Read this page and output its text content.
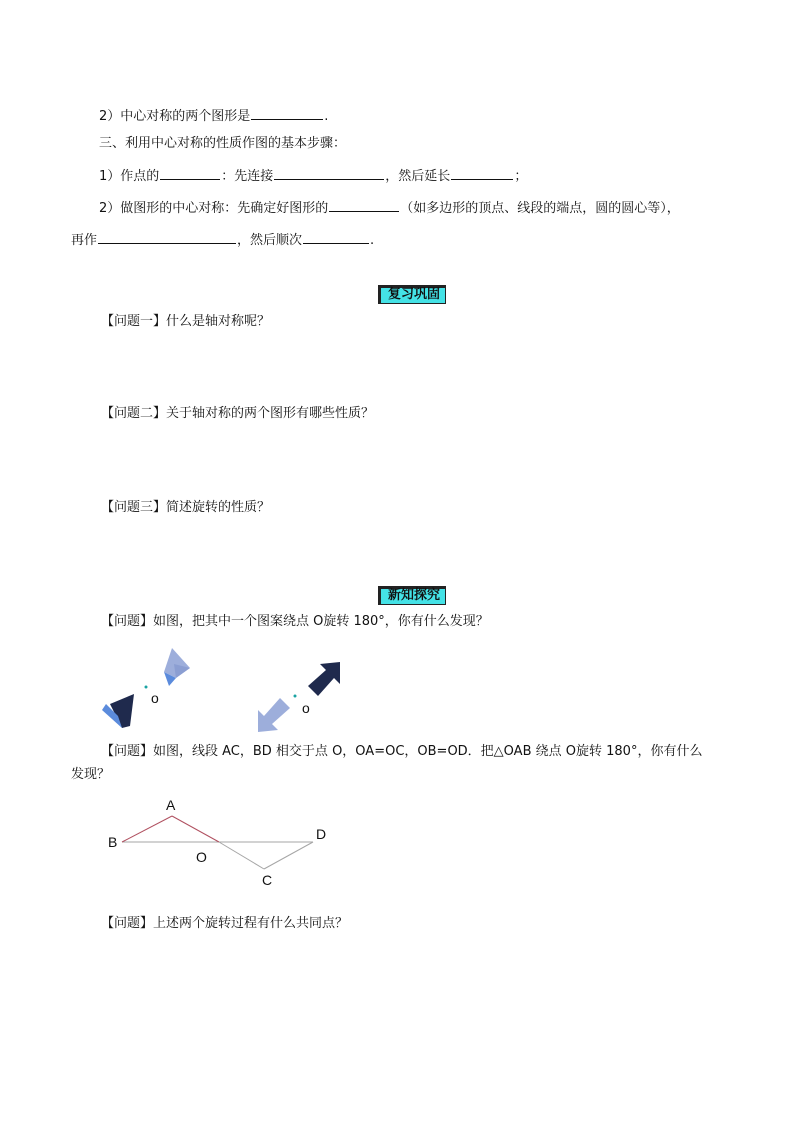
2）中心对称的两个图形是	.
三、利用中心对称的性质作图的基本步骤：
1）作点的	：先连接	，然后延长	；
2）做图形的中心对称：先确定好图形的	（如多边形的顶点、线段的端点，圆的圆心等），
再作	，然后顺次	.
复习巩固
【问题一】什么是轴对称呢？
【问题二】关于轴对称的两个图形有哪些性质？
【问题三】简述旋转的性质？
新知探究
【问题】如图，把其中一个图案绕点 O旋转 180°，你有什么发现？
o
o
【问题】如图，线段 AC，BD 相交于点 O，OA=OC，OB=OD．把△OAB 绕点 O旋转 180°，你有什么
发现？
A
B
O
C
D
【问题】上述两个旋转过程有什么共同点？
